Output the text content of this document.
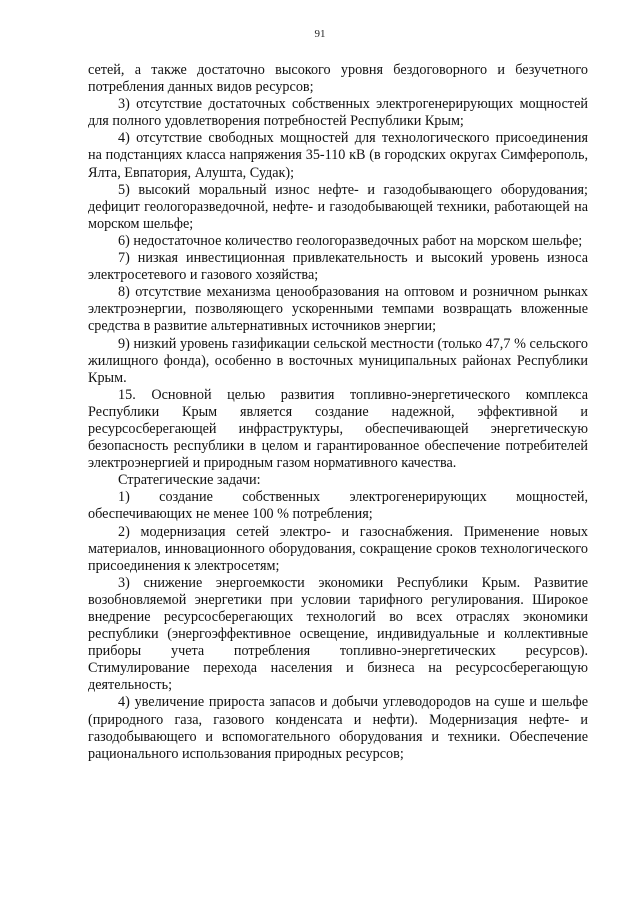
91

сетей, а также достаточно высокого уровня бездоговорного и безучетного потребления данных видов ресурсов;

3) отсутствие достаточных собственных электрогенерирующих мощностей для полного удовлетворения потребностей Республики Крым;

4) отсутствие свободных мощностей для технологического присоединения на подстанциях класса напряжения 35-110 кВ (в городских округах Симферополь, Ялта, Евпатория, Алушта, Судак);

5) высокий моральный износ нефте- и газодобывающего оборудования; дефицит геологоразведочной, нефте- и газодобывающей техники, работающей на морском шельфе;

6) недостаточное количество геологоразведочных работ на морском шельфе;

7) низкая инвестиционная привлекательность и высокий уровень износа электросетевого и газового хозяйства;

8) отсутствие механизма ценообразования на оптовом и розничном рынках электроэнергии, позволяющего ускоренными темпами возвращать вложенные средства в развитие альтернативных источников энергии;

9) низкий уровень газификации сельской местности (только 47,7 % сельского жилищного фонда), особенно в восточных муниципальных районах Республики Крым.

15. Основной целью развития топливно-энергетического комплекса Республики Крым является создание надежной, эффективной и ресурсосберегающей инфраструктуры, обеспечивающей энергетическую безопасность республики в целом и гарантированное обеспечение потребителей электроэнергией и природным газом нормативного качества.

Стратегические задачи:

1) создание собственных электрогенерирующих мощностей, обеспечивающих не менее 100 % потребления;

2) модернизация сетей электро- и газоснабжения. Применение новых материалов, инновационного оборудования, сокращение сроков технологического присоединения к электросетям;

3) снижение энергоемкости экономики Республики Крым. Развитие возобновляемой энергетики при условии тарифного регулирования. Широкое внедрение ресурсосберегающих технологий во всех отраслях экономики республики (энергоэффективное освещение, индивидуальные и коллективные приборы учета потребления топливно-энергетических ресурсов). Стимулирование перехода населения и бизнеса на ресурсосберегающую деятельность;

4) увеличение прироста запасов и добычи углеводородов на суше и шельфе (природного газа, газового конденсата и нефти). Модернизация нефте- и газодобывающего и вспомогательного оборудования и техники. Обеспечение рационального использования природных ресурсов;
